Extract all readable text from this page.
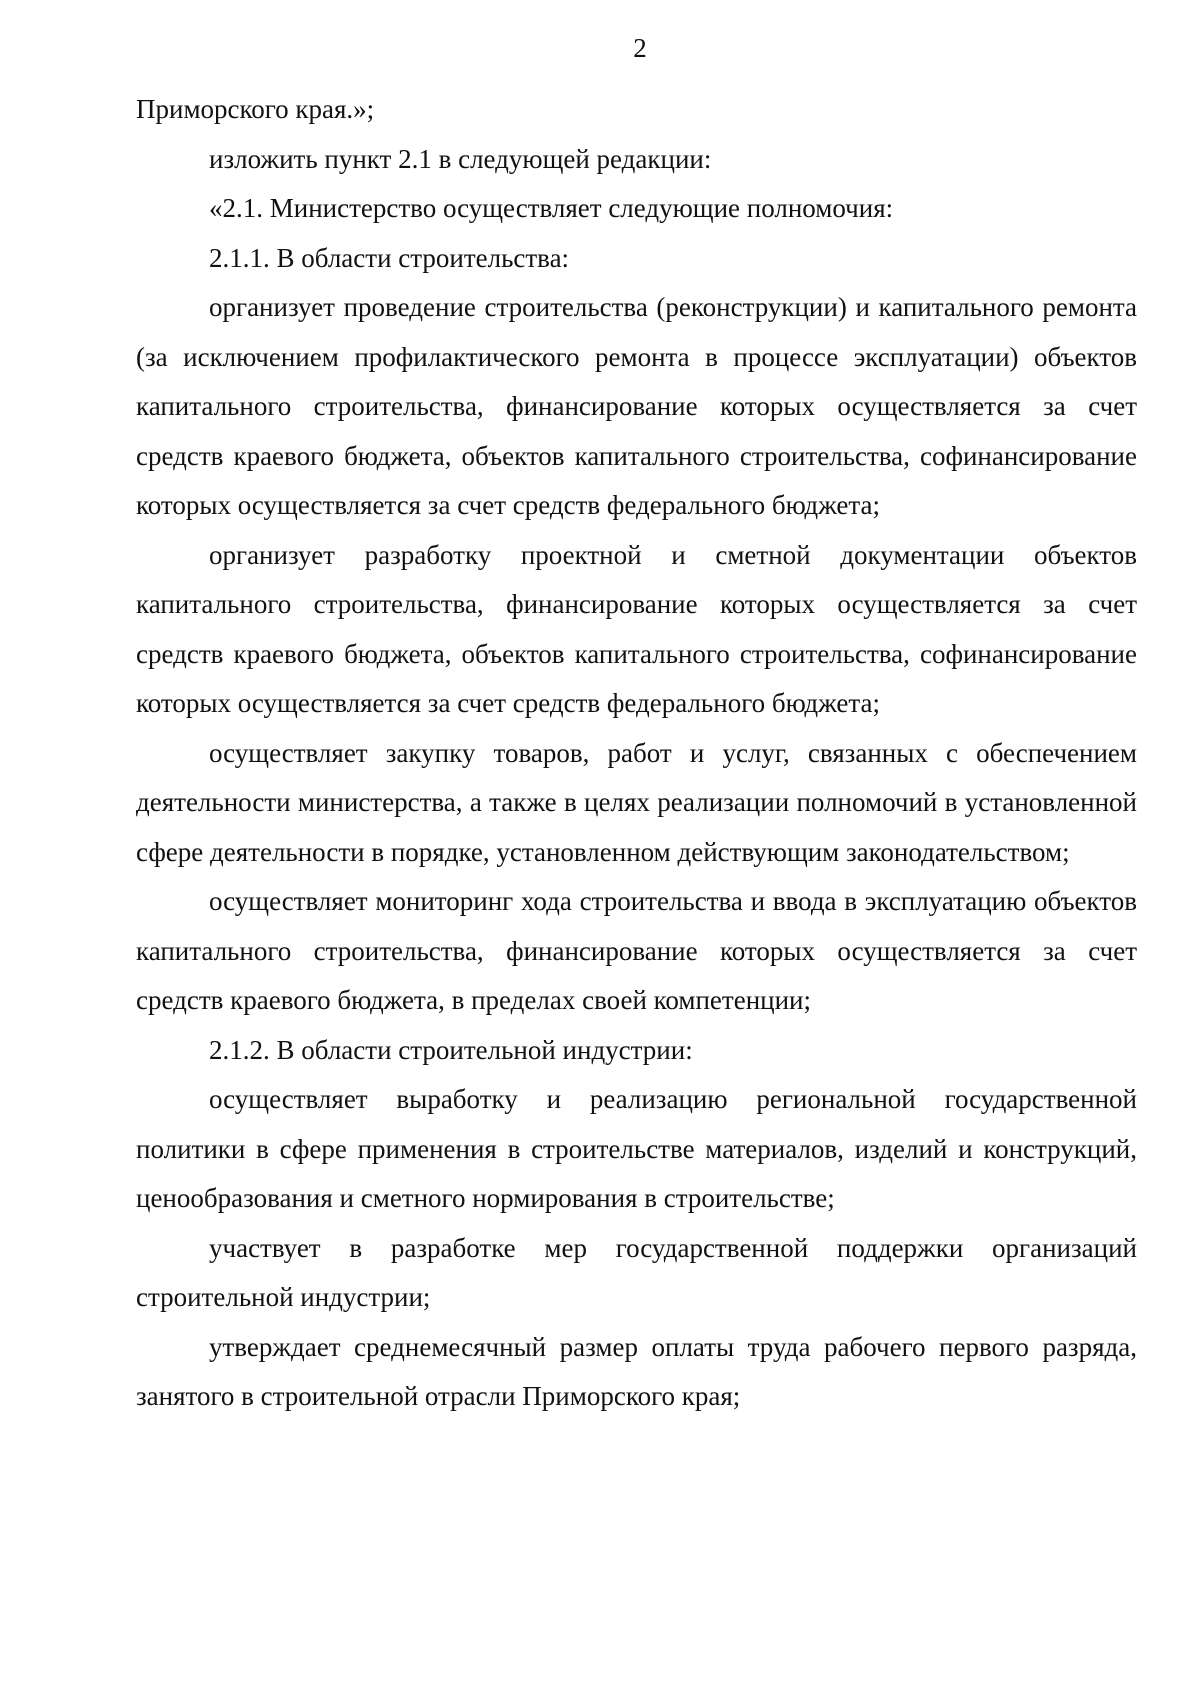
2

Приморского края.»;

изложить пункт 2.1 в следующей редакции:

«2.1. Министерство осуществляет следующие полномочия:

2.1.1. В области строительства:

организует проведение строительства (реконструкции) и капитального ремонта (за исключением профилактического ремонта в процессе эксплуатации) объектов капитального строительства, финансирование которых осуществляется за счет средств краевого бюджета, объектов капитального строительства, софинансирование которых осуществляется за счет средств федерального бюджета;

организует разработку проектной и сметной документации объектов капитального строительства, финансирование которых осуществляется за счет средств краевого бюджета, объектов капитального строительства, софинансирование которых осуществляется за счет средств федерального бюджета;

осуществляет закупку товаров, работ и услуг, связанных с обеспечением деятельности министерства, а также в целях реализации полномочий в установленной сфере деятельности в порядке, установленном действующим законодательством;

осуществляет мониторинг хода строительства и ввода в эксплуатацию объектов капитального строительства, финансирование которых осуществляется за счет средств краевого бюджета, в пределах своей компетенции;

2.1.2. В области строительной индустрии:

осуществляет выработку и реализацию региональной государственной политики в сфере применения в строительстве материалов, изделий и конструкций, ценообразования и сметного нормирования в строительстве;

участвует в разработке мер государственной поддержки организаций строительной индустрии;

утверждает среднемесячный размер оплаты труда рабочего первого разряда, занятого в строительной отрасли Приморского края;
